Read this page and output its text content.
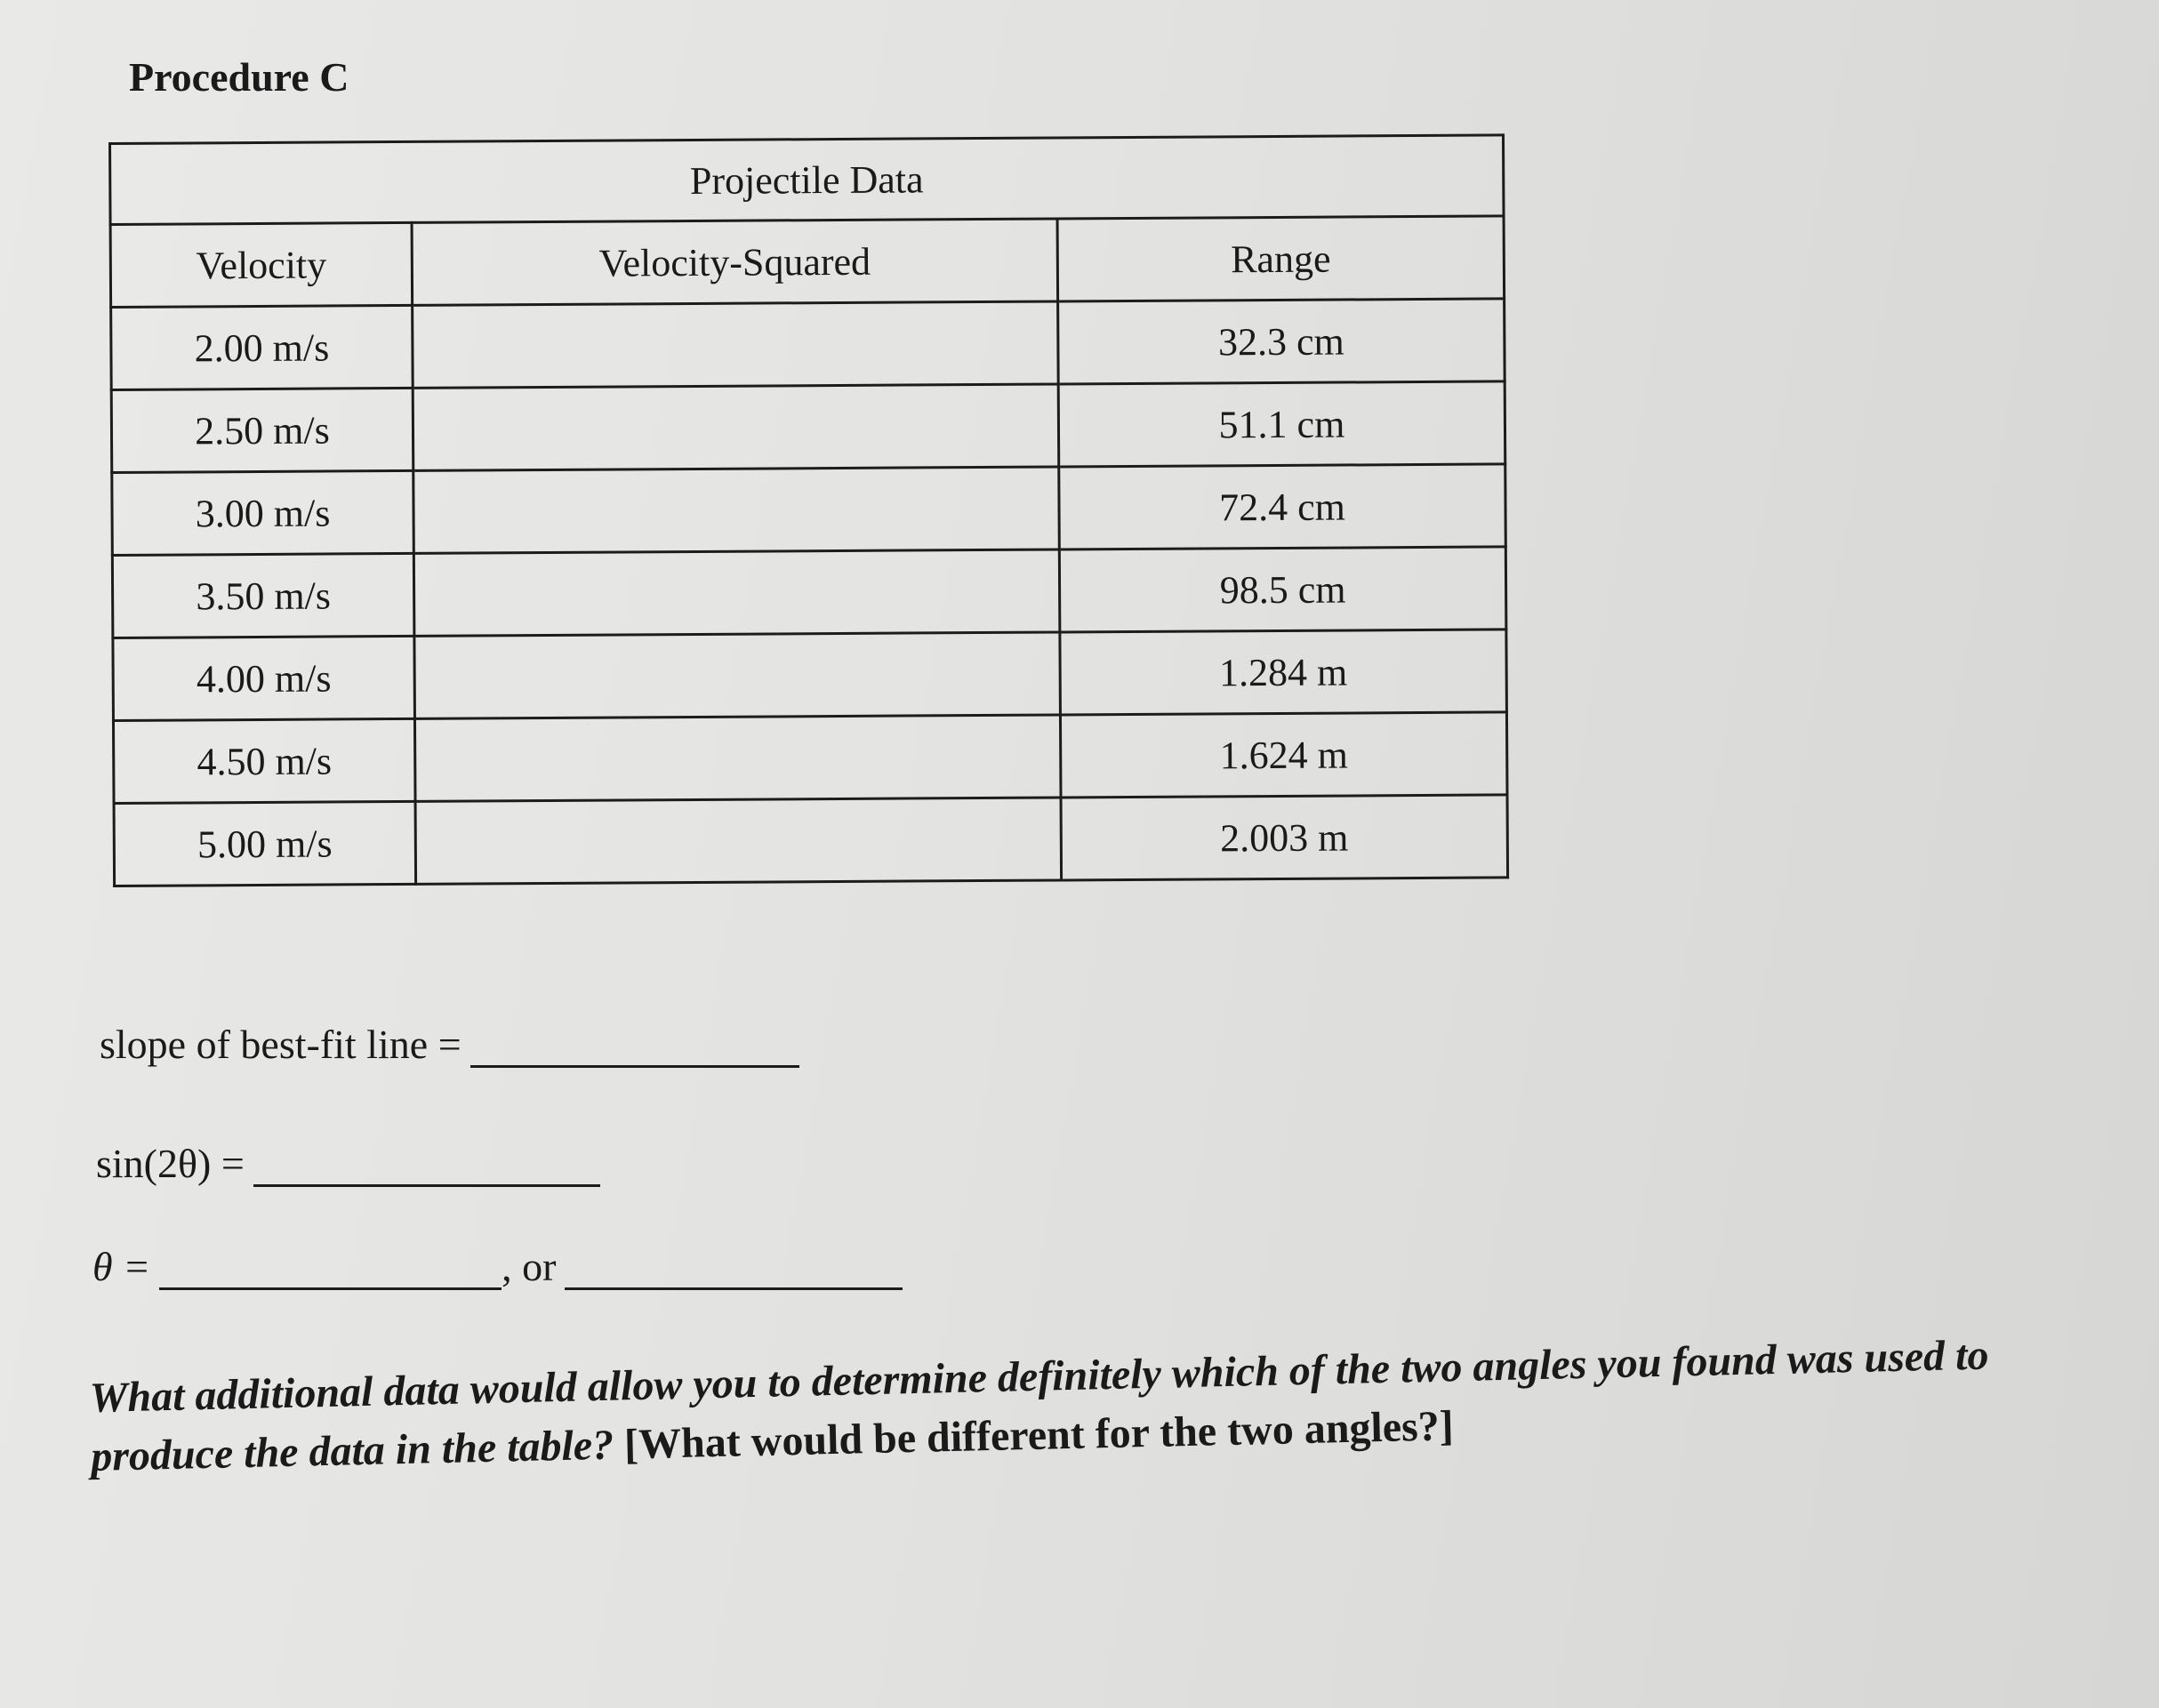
Procedure C
Projectile Data		
Velocity	Velocity-Squared	Range
2.00 m/s		32.3 cm
2.50 m/s		51.1 cm
3.00 m/s		72.4 cm
3.50 m/s		98.5 cm
4.00 m/s		1.284 m
4.50 m/s		1.624 m
5.00 m/s		2.003 m
slope of best-fit line =
sin(2θ) =
θ =	, or
What additional data would allow you to determine definitely which of the two angles you found was used to produce the data in the table? [What would be different for the two angles?]
